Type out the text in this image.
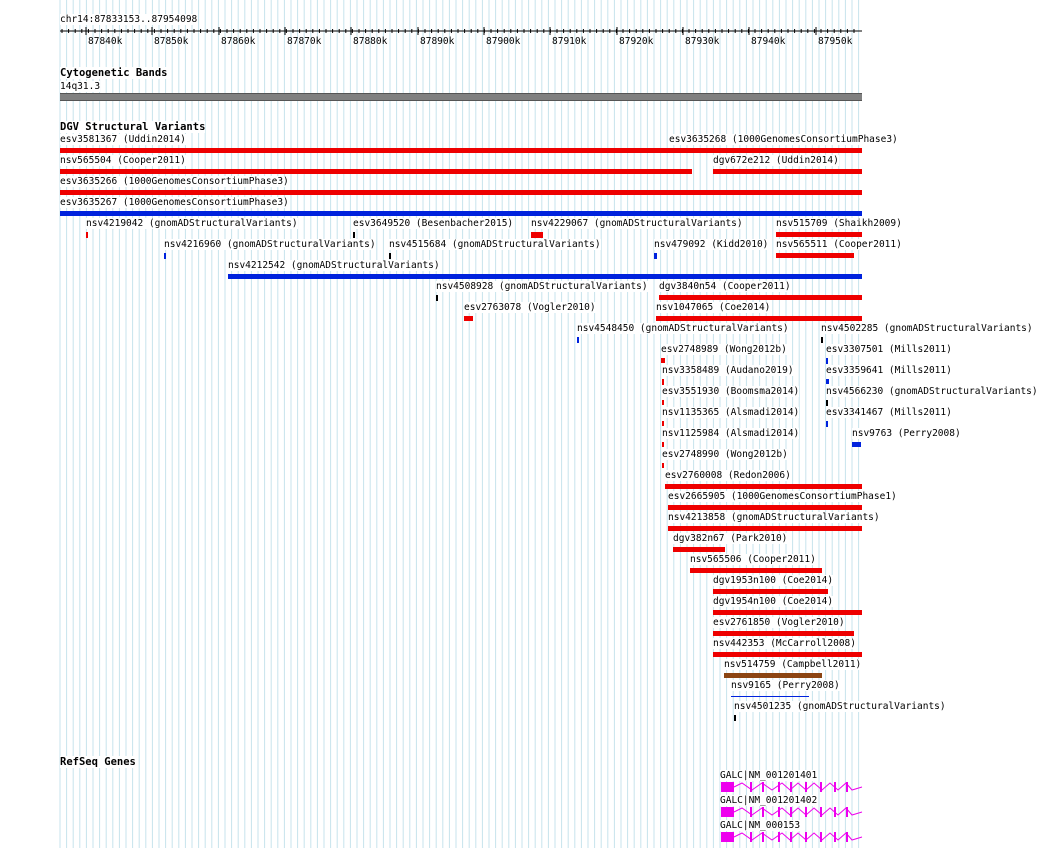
87840k	87850k	87860k	87870k	87880k	87890k	87900k	87910k	87920k	87930k	87940k	87950k
chr14:87833153..87954098
Cytogenetic Bands
14q31.3
DGV Structural Variants
esv3581367 (Uddin2014)	esv3635268 (1000GenomesConsortiumPhase3)
nsv565504 (Cooper2011)	dgv672e212 (Uddin2014)
esv3635266 (1000GenomesConsortiumPhase3)
esv3635267 (1000GenomesConsortiumPhase3)
nsv4219042 (gnomADStructuralVariants)	esv3649520 (Besenbacher2015) nsv4229067 (gnomADStructuralVariants)	nsv515709 (Shaikh2009)
nsv4216960 (gnomADStructuralVariants) nsv4515684 (gnomADStructuralVariants)	nsv479092 (Kidd2010) nsv565511 (Cooper2011)
nsv4212542 (gnomADStructuralVariants)
nsv4508928 (gnomADStructuralVariants) dgv3840n54 (Cooper2011)
esv2763078 (Vogler2010)	nsv1047065 (Coe2014)
nsv4548450 (gnomADStructuralVariants)	nsv4502285 (gnomADStructuralVariants)
esv2748989 (Wong2012b)	esv3307501 (Mills2011)
nsv3358489 (Audano2019)	esv3359641 (Mills2011)
esv3551930 (Boomsma2014)	nsv4566230 (gnomADStructuralVariants)
nsv1135365 (Alsmadi2014)	esv3341467 (Mills2011)
nsv1125984 (Alsmadi2014)	nsv9763 (Perry2008)
esv2748990 (Wong2012b)
esv2760008 (Redon2006)
esv2665905 (1000GenomesConsortiumPhase1)
nsv4213858 (gnomADStructuralVariants)
dgv382n67 (Park2010)
nsv565506 (Cooper2011)
dgv1953n100 (Coe2014)
dgv1954n100 (Coe2014)
esv2761850 (Vogler2010)
nsv442353 (McCarroll2008)
nsv514759 (Campbell2011)
nsv9165 (Perry2008)
nsv4501235 (gnomADStructuralVariants)
RefSeq Genes
GALC|NM_001201401
GALC|NM_001201402
GALC|NM_000153
